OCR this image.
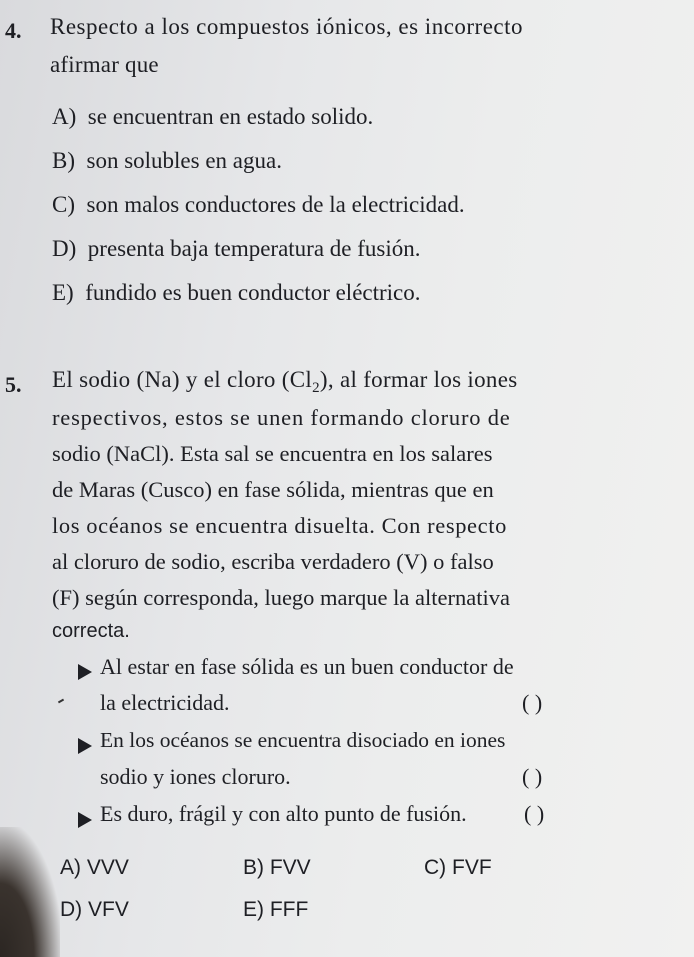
4. Respecto a los compuestos iónicos, es incorrecto
afirmar que
A) se encuentran en estado solido.
B) son solubles en agua.
C) son malos conductores de la electricidad.
D) presenta baja temperatura de fusión.
E) fundido es buen conductor eléctrico.
5. El sodio (Na) y el cloro $(Cl_2)$, al formar los iones
respectivos, estos se unen formando cloruro de
sodio (NaCl). Esta sal se encuentra en los salares
de Maras (Cusco) en fase sólida, mientras que en
los océanos se encuentra disuelta. Con respecto
al cloruro de sodio, escriba verdadero (V) o falso
(F) según corresponda, luego marque la alternativa
correcta.
Al estar en fase sólida es un buen conductor de
la electricidad.	( )
En los océanos se encuentra disociado en iones
sodio y iones cloruro.	( )
Es duro, frágil y con alto punto de fusión.	( )
A) VVV	B) FVV	C) FVF
D) VFV	E) FFF
